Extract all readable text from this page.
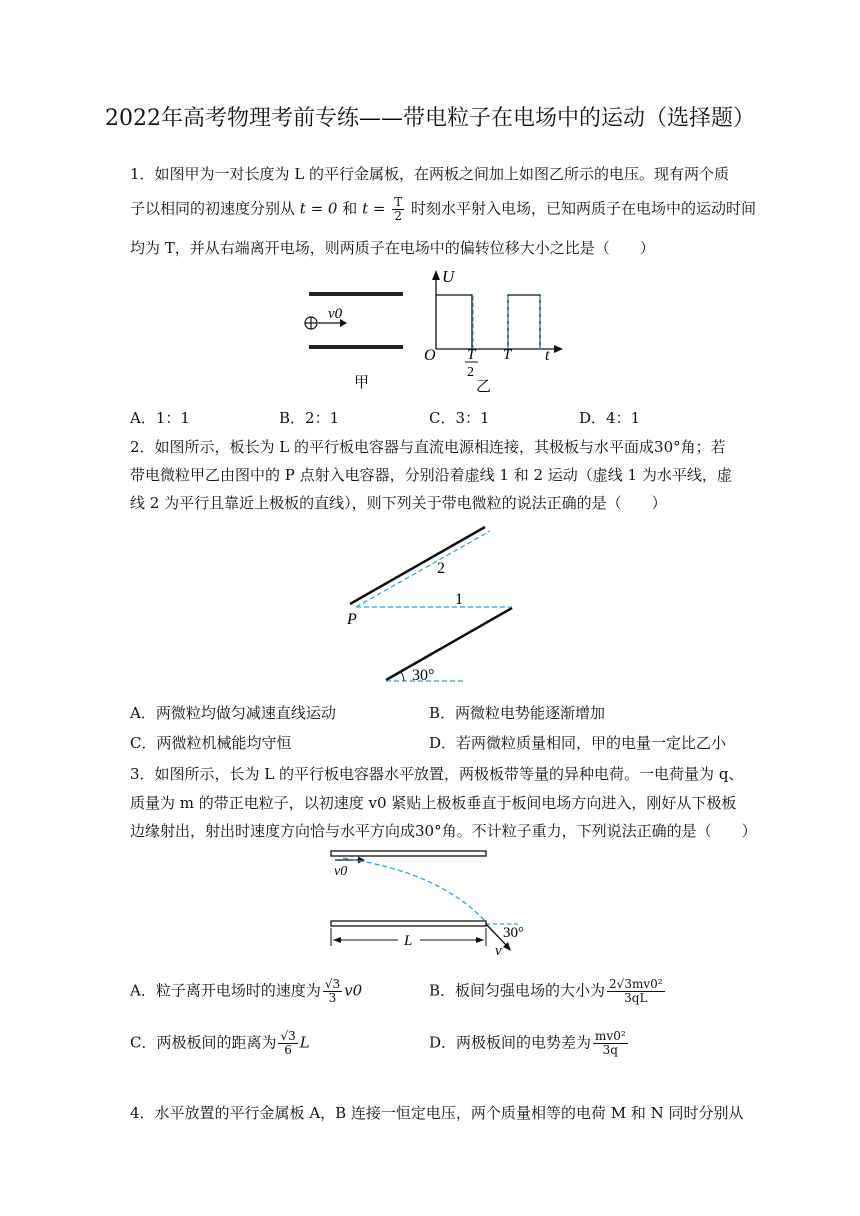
2022年高考物理考前专练——带电粒子在电场中的运动（选择题）
1．如图甲为一对长度为 L 的平行金属板，在两板之间加上如图乙所示的电压。现有两个质
子以相同的初速度分别从 t = 0 和 $t = \frac{T}{2}$ 时刻水平射入电场，已知两质子在电场中的运动时间
均为 T，并从右端离开电场，则两质子在电场中的偏转位移大小之比是（　　）
v0
甲
U
O T
2
T t
乙
A．1：1	B．2：1	C．3：1	D．4：1
2．如图所示，板长为 L 的平行板电容器与直流电源相连接，其极板与水平面成30°角；若
带电微粒甲乙由图中的 P 点射入电容器，分别沿着虚线 1 和 2 运动（虚线 1 为水平线，虚
线 2 为平行且靠近上极板的直线），则下列关于带电微粒的说法正确的是（　　）
2
1
P
30°
A．两微粒均做匀减速直线运动	B．两微粒电势能逐渐增加
C．两微粒机械能均守恒	D．若两微粒质量相同，甲的电量一定比乙小
3．如图所示，长为 L 的平行板电容器水平放置，两极板带等量的异种电荷。一电荷量为 q、
质量为 m 的带正电粒子，以初速度 v0 紧贴上极板垂直于板间电场方向进入，刚好从下极板
边缘射出，射出时速度方向恰与水平方向成30°角。不计粒子重力，下列说法正确的是（　　）
v0
30°
v
L
A．粒子离开电场时的速度为 $\frac{√3}{3} v0$	B．板间匀强电场的大小为 $\frac{\text{2√3mv0²}}{3qL}$
C．两极板间的距离为 $\frac{√3}{6}$ L	D．两极板间的电势差为 $\frac{\text{mv0²}}{3q}$
4．水平放置的平行金属板 A，B 连接一恒定电压，两个质量相等的电荷 M 和 N 同时分别从
